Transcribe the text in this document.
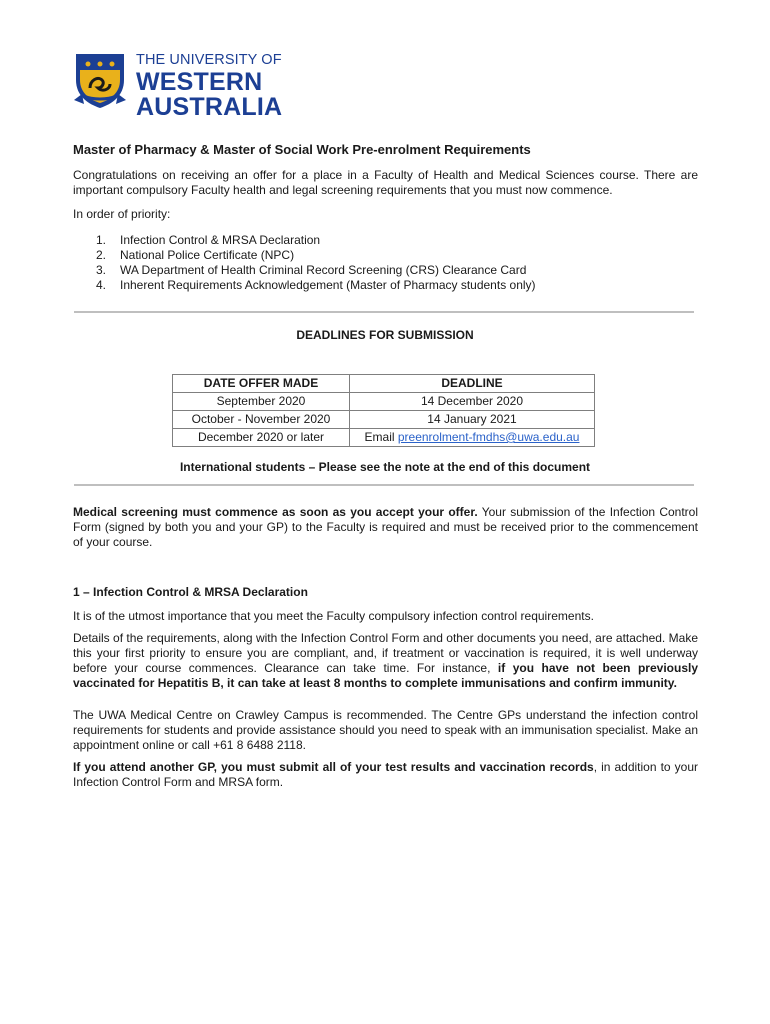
THE UNIVERSITY OF
WESTERN
AUSTRALIA
Master of Pharmacy & Master of Social Work Pre-enrolment Requirements
Congratulations on receiving an offer for a place in a Faculty of Health and Medical Sciences course. There are important compulsory Faculty health and legal screening requirements that you must now commence.
In order of priority:
1.	Infection Control & MRSA Declaration
2.	National Police Certificate (NPC)
3.	WA Department of Health Criminal Record Screening (CRS) Clearance Card
4.	Inherent Requirements Acknowledgement (Master of Pharmacy students only)
DEADLINES FOR SUBMISSION
DATE OFFER MADE	DEADLINE
September 2020	14 December 2020
October - November 2020	14 January 2021
December 2020 or later	Email preenrolment-fmdhs@uwa.edu.au
International students – Please see the note at the end of this document
Medical screening must commence as soon as you accept your offer. Your submission of the Infection Control Form (signed by both you and your GP) to the Faculty is required and must be received prior to the commencement of your course.
1 – Infection Control & MRSA Declaration
It is of the utmost importance that you meet the Faculty compulsory infection control requirements.
Details of the requirements, along with the Infection Control Form and other documents you need, are attached. Make this your first priority to ensure you are compliant, and, if treatment or vaccination is required, it is well underway before your course commences. Clearance can take time. For instance, if you have not been previously vaccinated for Hepatitis B, it can take at least 8 months to complete immunisations and confirm immunity.
The UWA Medical Centre on Crawley Campus is recommended. The Centre GPs understand the infection control requirements for students and provide assistance should you need to speak with an immunisation specialist. Make an appointment online or call +61 8 6488 2118.
If you attend another GP, you must submit all of your test results and vaccination records, in addition to your Infection Control Form and MRSA form.
